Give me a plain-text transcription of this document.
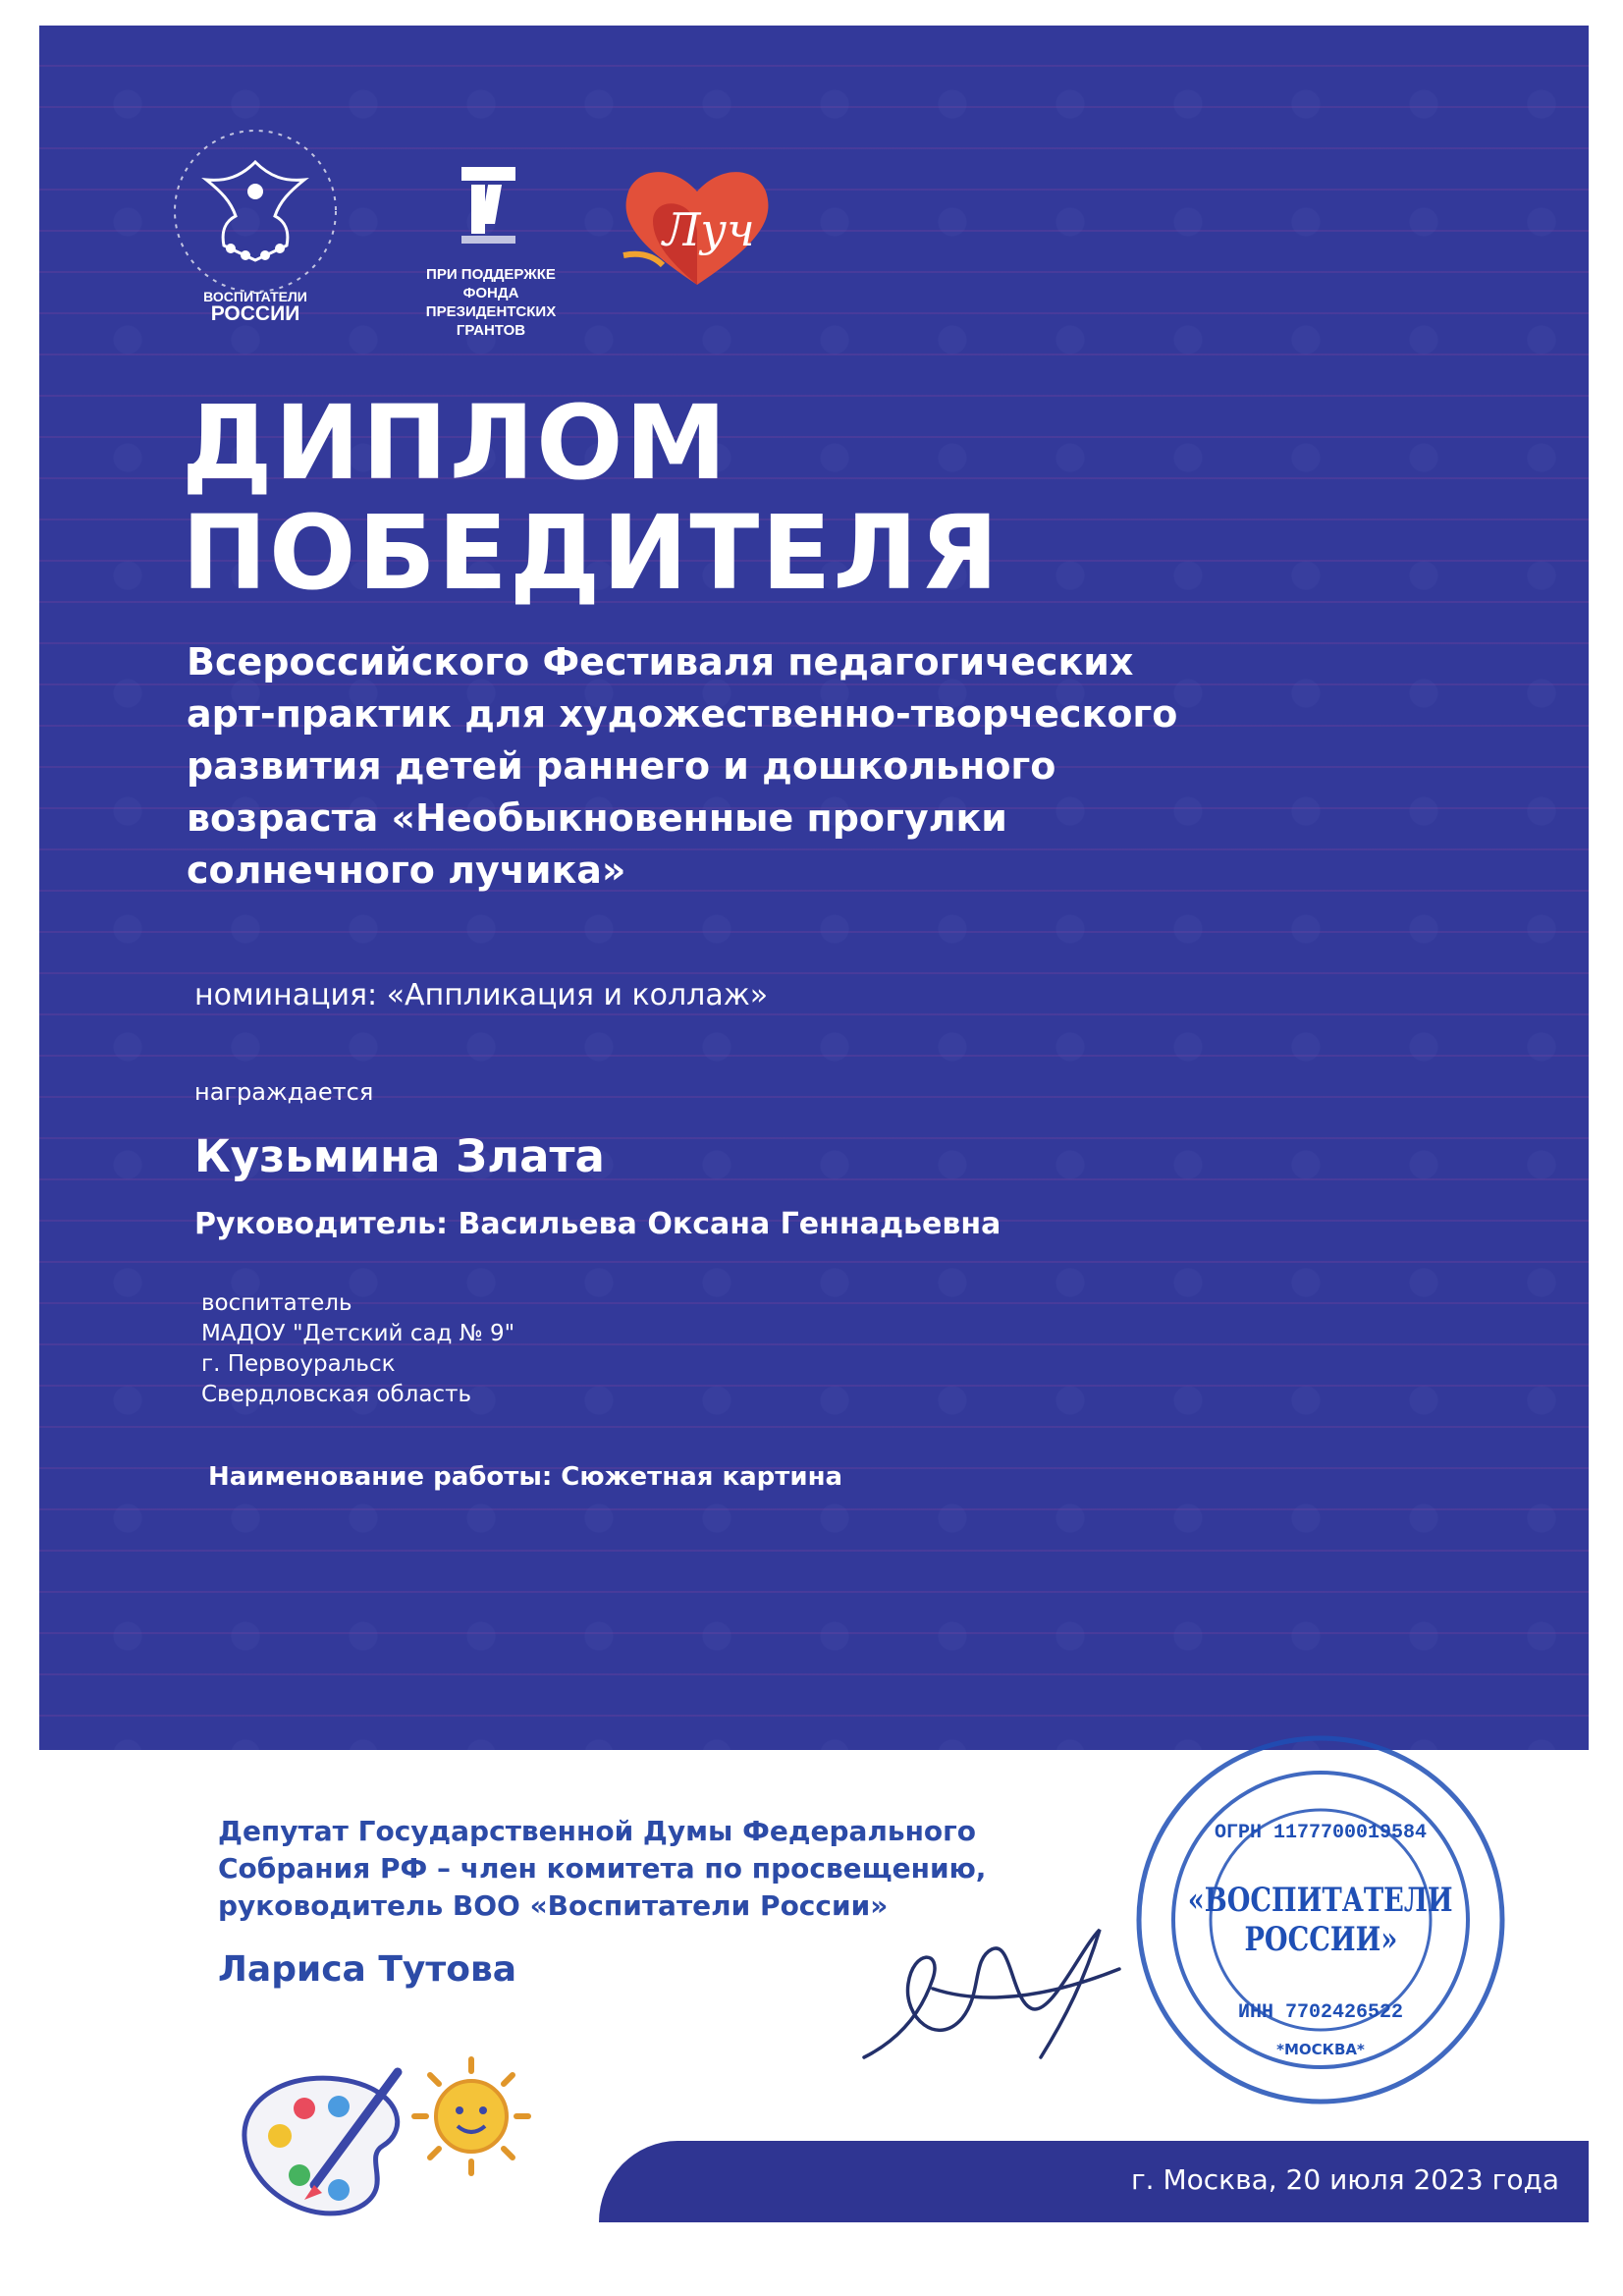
ВОСПИТАТЕЛИ
РОССИИ
ПРИ ПОДДЕРЖКЕ
ФОНДА
ПРЕЗИДЕНТСКИХ
ГРАНТОВ
Луч
ДИПЛОМ
ПОБЕДИТЕЛЯ
Всероссийского Фестиваля педагогических
арт-практик для художественно-творческого
развития детей раннего и дошкольного
возраста «Необыкновенные прогулки
солнечного лучика»
номинация: «Аппликация и коллаж»
награждается
Кузьмина Злата
Руководитель: Васильева Оксана Геннадьевна
воспитатель
МАДОУ "Детский сад № 9"
г. Первоуральск
Свердловская область
Наименование работы: Сюжетная картина
Депутат Государственной Думы Федерального
Собрания РФ – член комитета по просвещению,
руководитель ВОО «Воспитатели России»
Лариса Тутова
г. Москва, 20 июля 2023 года
ОГРН 1177700019584
«ВОСПИТАТЕЛИ
РОССИИ»
ИНН 7702426522
*МОСКВА*
